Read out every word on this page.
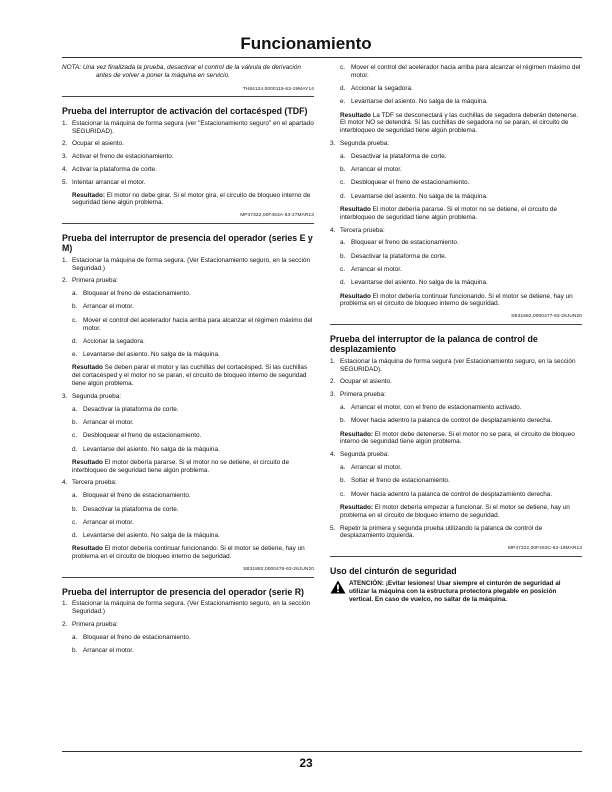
Funcionamiento

NOTA: Una vez finalizada la prueba, desactivar el control de la válvula de derivación antes de volver a poner la máquina en servicio.

TH84124,0000115-63-19MAY14
Prueba del interruptor de activación del cortacésped (TDF)
1. Estacionar la máquina de forma segura (ver "Estacionamiento seguro" en el apartado SEGURIDAD).
2. Ocupar el asiento.
3. Activar el freno de estacionamiento.
4. Activar la plataforma de corte.
5. Intentar arrancar el motor.

Resultado: El motor no debe girar. Si el motor gira, el circuito de bloqueo interno de seguridad tiene algún problema.

MP47322,00F463A-63-27MAR13
Prueba del interruptor de presencia del operador (series E y M)
1. Estacionar la máquina de forma segura. (Ver Estacionamiento seguro, en la sección Seguridad.)
2. Primera prueba:
a. Bloquear el freno de estacionamiento.
b. Arrancar el motor.
c. Mover el control del acelerador hacia arriba para alcanzar el régimen máximo del motor.
d. Accionar la segadora.
e. Levantarse del asiento. No salga de la máquina.

Resultado Se deben parar el motor y las cuchillas del cortacésped. Si las cuchillas del cortacésped y el motor no se paran, el circuito de bloqueo interno de seguridad tiene algún problema.

3. Segunda prueba:
a. Desactivar la plataforma de corte.
b. Arrancar el motor.
c. Desbloquear el freno de estacionamiento.
d. Levantarse del asiento. No salga de la máquina.

Resultado El motor debería pararse. Si el motor no se detiene, el circuito de interbloqueo de seguridad tiene algún problema.

4. Tercera prueba:
a. Bloquear el freno de estacionamiento.
b. Desactivar la plataforma de corte.
c. Arrancar el motor.
d. Levantarse del asiento. No salga de la máquina.

Resultado El motor debería continuar funcionando. Si el motor se detiene, hay un problema en el circuito de bloqueo interno de seguridad.

SB31882,0000476-63-26JUN20
Prueba del interruptor de presencia del operador (serie R)
1. Estacionar la máquina de forma segura. (Ver Estacionamiento seguro, en la sección Seguridad.)
2. Primera prueba:
a. Bloquear el freno de estacionamiento.
b. Arrancar el motor.
c. Mover el control del acelerador hacia arriba para alcanzar el régimen máximo del motor.
d. Accionar la segadora.
e. Levantarse del asiento. No salga de la máquina.

Resultado La TDF se desconectará y las cuchillas de segadora deberán detenerse. El motor NO se detendrá. Si las cuchillas de segadora no se paran, el circuito de interbloqueo de seguridad tiene algún problema.

3. Segunda prueba:
a. Desactivar la plataforma de corte.
b. Arrancar el motor.
c. Desbloquear el freno de estacionamiento.
d. Levantarse del asiento. No salga de la máquina.

Resultado El motor debería pararse. Si el motor no se detiene, el circuito de interbloqueo de seguridad tiene algún problema.

4. Tercera prueba:
a. Bloquear el freno de estacionamiento.
b. Desactivar la plataforma de corte.
c. Arrancar el motor.
d. Levantarse del asiento. No salga de la máquina.

Resultado El motor debería continuar funcionando. Si el motor se detiene, hay un problema en el circuito de bloqueo interno de seguridad.

SB31882,0000477-63-26JUN20
Prueba del interruptor de la palanca de control de desplazamiento
1. Estacionar la máquina de forma segura (ver Estacionamiento seguro, en la sección SEGURIDAD).
2. Ocupar el asiento.
3. Primera prueba:
a. Arrancar el motor, con el freno de estacionamiento activado.
b. Mover hacia adentro la palanca de control de desplazamiento derecha.

Resultado: El motor debe detenerse. Si el motor no se para, el circuito de bloqueo interno de seguridad tiene algún problema.

4. Segunda prueba:
a. Arrancar el motor.
b. Soltar el freno de estacionamiento.
c. Mover hacia adentro la palanca de control de desplazamiento derecha.

Resultado: El motor debería empezar a funcionar. Si el motor se detiene, hay un problema en el circuito de bloqueo interno de seguridad.

5. Repetir la primera y segunda prueba utilizando la palanca de control de desplazamiento izquierda.
MP47322,00F463C-63-19MAR13
Uso del cinturón de seguridad
ATENCIÓN: ¡Evitar lesiones! Usar siempre el cinturón de seguridad al utilizar la máquina con la estructura protectora plegable en posición vertical. En caso de vuelco, no saltar de la máquina.
23
